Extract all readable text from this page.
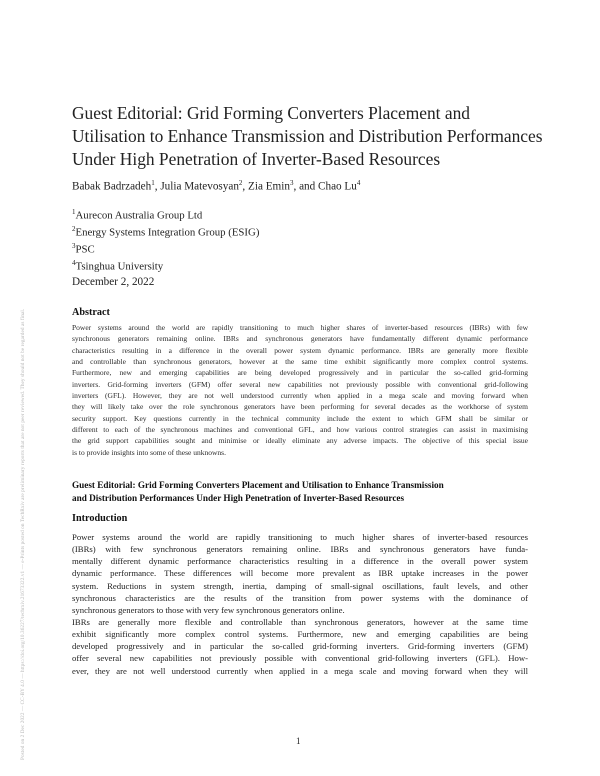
Posted on 2 Dec 2022 — CC-BY 4.0 — https://doi.org/10.36227/techrxiv.21673322.v1 — e-Prints posted on TechRxiv are preliminary reports that are not peer reviewed. They should not be regarded as final.
Guest Editorial: Grid Forming Converters Placement and
Utilisation to Enhance Transmission and Distribution Performances
Under High Penetration of Inverter-Based Resources
Babak Badrzadeh$^1$, Julia Matevosyan$^2$, Zia Emin$^3$, and Chao Lu$^4$
$^1$Aurecon Australia Group Ltd
$^2$Energy Systems Integration Group (ESIG)
$^3$PSC
$^4$Tsinghua University
December 2, 2022
Abstract
Power systems around the world are rapidly transitioning to much higher shares of inverter-based resources (IBRs) with few
synchronous generators remaining online. IBRs and synchronous generators have fundamentally different dynamic performance
characteristics resulting in a difference in the overall power system dynamic performance. IBRs are generally more flexible
and controllable than synchronous generators, however at the same time exhibit significantly more complex control systems.
Furthermore, new and emerging capabilities are being developed progressively and in particular the so-called grid-forming
inverters. Grid-forming inverters (GFM) offer several new capabilities not previously possible with conventional grid-following
inverters (GFL). However, they are not well understood currently when applied in a mega scale and moving forward when
they will likely take over the role synchronous generators have been performing for several decades as the workhorse of system
security support. Key questions currently in the technical community include the extent to which GFM shall be similar or
different to each of the synchronous machines and conventional GFL, and how various control strategies can assist in maximising
the grid support capabilities sought and minimise or ideally eliminate any adverse impacts. The objective of this special issue
is to provide insights into some of these unknowns.
Guest Editorial: Grid Forming Converters Placement and Utilisation to Enhance Transmission
and Distribution Performances Under High Penetration of Inverter-Based Resources
Introduction
Power systems around the world are rapidly transitioning to much higher shares of inverter-based resources
(IBRs) with few synchronous generators remaining online. IBRs and synchronous generators have funda-
mentally different dynamic performance characteristics resulting in a difference in the overall power system
dynamic performance. These differences will become more prevalent as IBR uptake increases in the power
system. Reductions in system strength, inertia, damping of small-signal oscillations, fault levels, and other
synchronous characteristics are the results of the transition from power systems with the dominance of
synchronous generators to those with very few synchronous generators online.
IBRs are generally more flexible and controllable than synchronous generators, however at the same time
exhibit significantly more complex control systems. Furthermore, new and emerging capabilities are being
developed progressively and in particular the so-called grid-forming inverters. Grid-forming inverters (GFM)
offer several new capabilities not previously possible with conventional grid-following inverters (GFL). How-
ever, they are not well understood currently when applied in a mega scale and moving forward when they will
1
